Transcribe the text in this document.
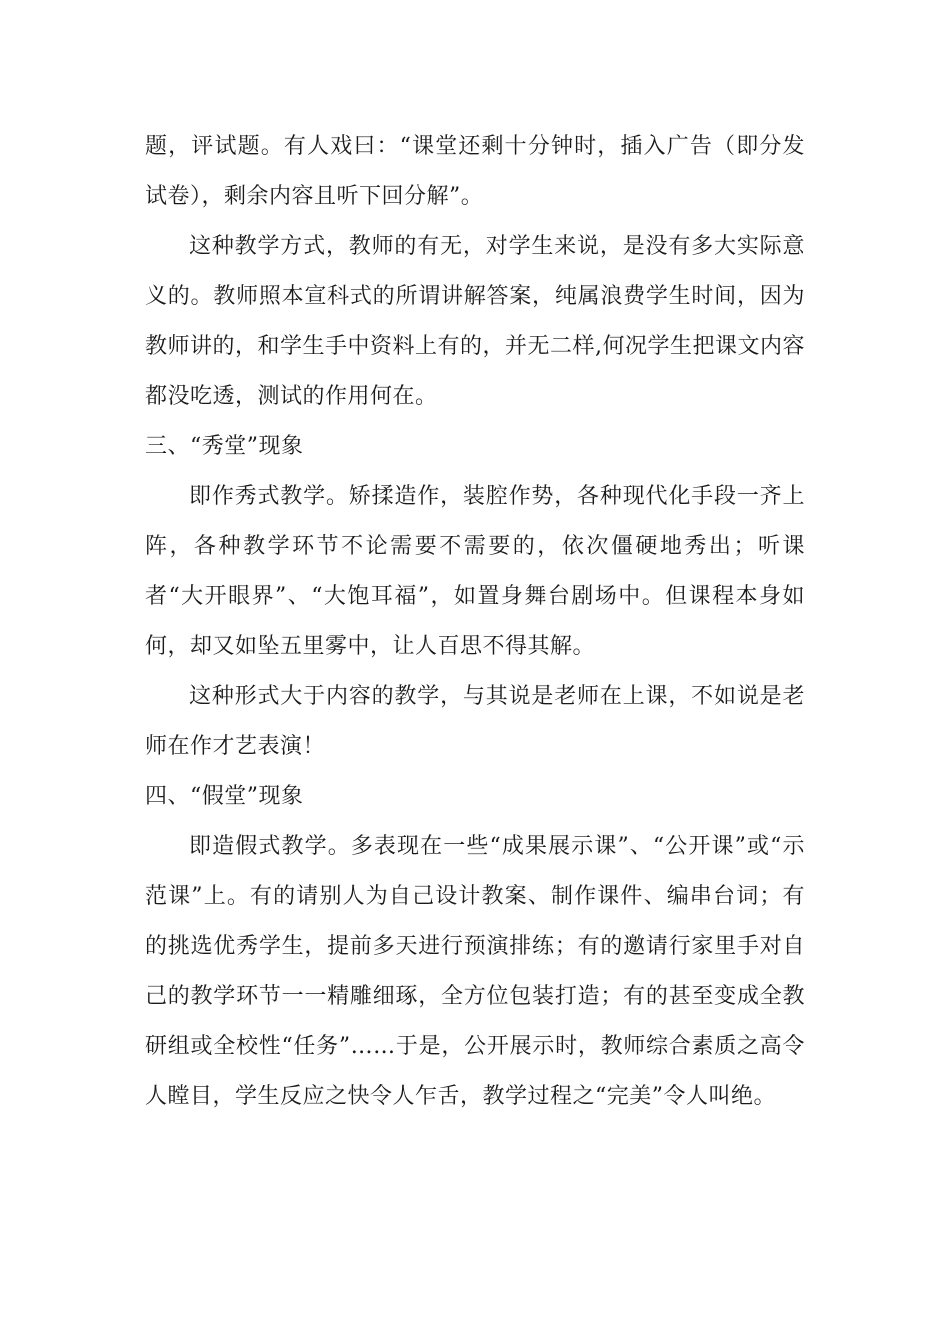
题，评试题。有人戏曰：“课堂还剩十分钟时，插入广告（即分发试卷），剩余内容且听下回分解”。

这种教学方式，教师的有无，对学生来说，是没有多大实际意义的。教师照本宣科式的所谓讲解答案，纯属浪费学生时间，因为教师讲的，和学生手中资料上有的，并无二样,何况学生把课文内容都没吃透，测试的作用何在。

三、“秀堂”现象

即作秀式教学。矫揉造作，装腔作势，各种现代化手段一齐上阵，各种教学环节不论需要不需要的，依次僵硬地秀出；听课者“大开眼界”、“大饱耳福”，如置身舞台剧场中。但课程本身如何，却又如坠五里雾中，让人百思不得其解。

这种形式大于内容的教学，与其说是老师在上课，不如说是老师在作才艺表演！

四、“假堂”现象

即造假式教学。多表现在一些“成果展示课”、“公开课”或“示范课”上。有的请别人为自己设计教案、制作课件、编串台词；有的挑选优秀学生，提前多天进行预演排练；有的邀请行家里手对自己的教学环节一一精雕细琢，全方位包装打造；有的甚至变成全教研组或全校性“任务”……于是，公开展示时，教师综合素质之高令人瞠目，学生反应之快令人乍舌，教学过程之“完美”令人叫绝。
